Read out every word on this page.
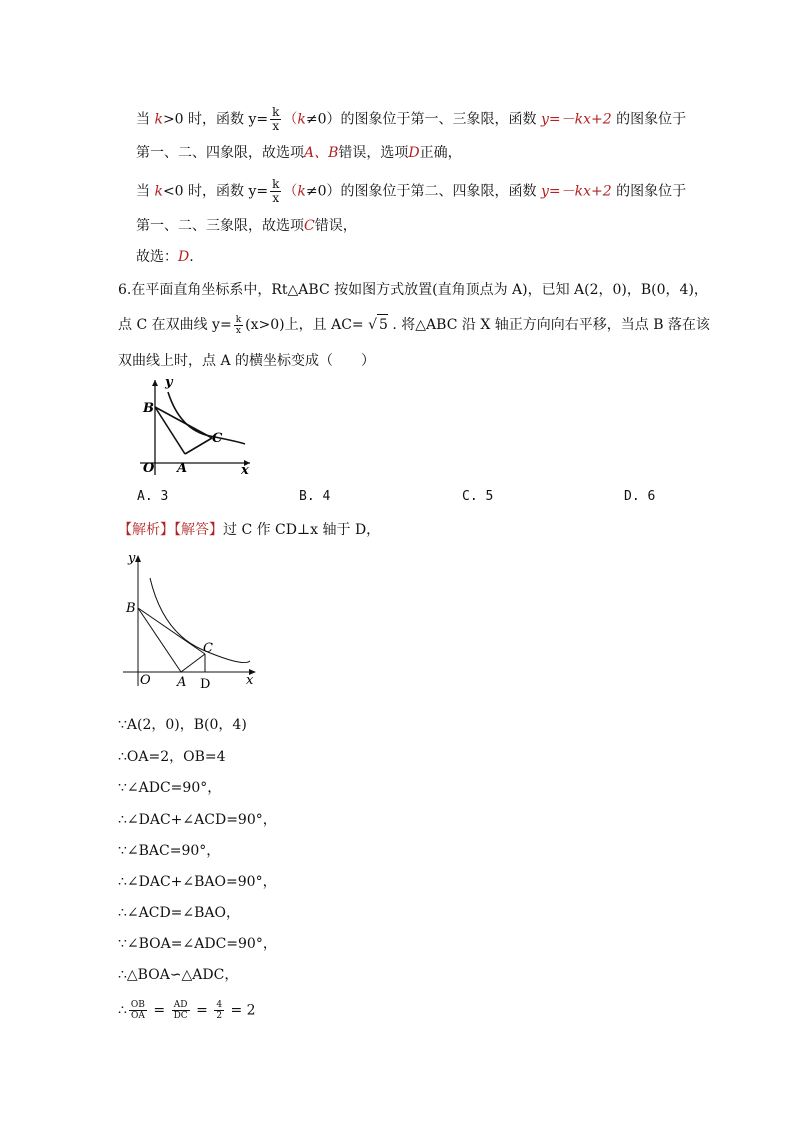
当 k>0 时，函数 $y= \frac{k}{x} (k\ne 0)$的图象位于第一、三象限，函数 y=－kx+2 的图象位于
第一、二、四象限，故选项A、B错误，选项D正确，
当 k<0 时，函数 $y= \frac{k}{x} (k\ne 0)$的图象位于第二、四象限，函数 y=－kx+2 的图象位于
第一、二、三象限，故选项C错误，
故选：D.
6.在平面直角坐标系中，Rt△ABC 按如图方式放置(直角顶点为 A)，已知 A(2，0)，B(0，4)，
点 C 在双曲线 $y= \frac{k}{x} (x>0)$上，且 AC= √ 5 . 将△ABC 沿 X 轴正方向向右平移，当点 B 落在该
双曲线上时，点 A 的横坐标变成（　　）
y
B
C
O A	x
A. 3	B. 4	C. 5	D. 6
【解析】【解答】过 C 作 CD⊥x 轴于 D，
y
B
C
O A D	x
∵A(2，0)，B(0，4)
∴OA=2，OB=4
∵∠ADC=90°，
∴∠DAC+∠ACD=90°，
∵∠BAC=90°，
∴∠DAC+∠BAO=90°，
∴∠ACD=∠BAO，
∵∠BOA=∠ADC=90°，
∴△BOA∽△ADC，
∴ $\frac{OB}{OA} = \frac{AD}{DC} = \frac{4}{2} = 2$
